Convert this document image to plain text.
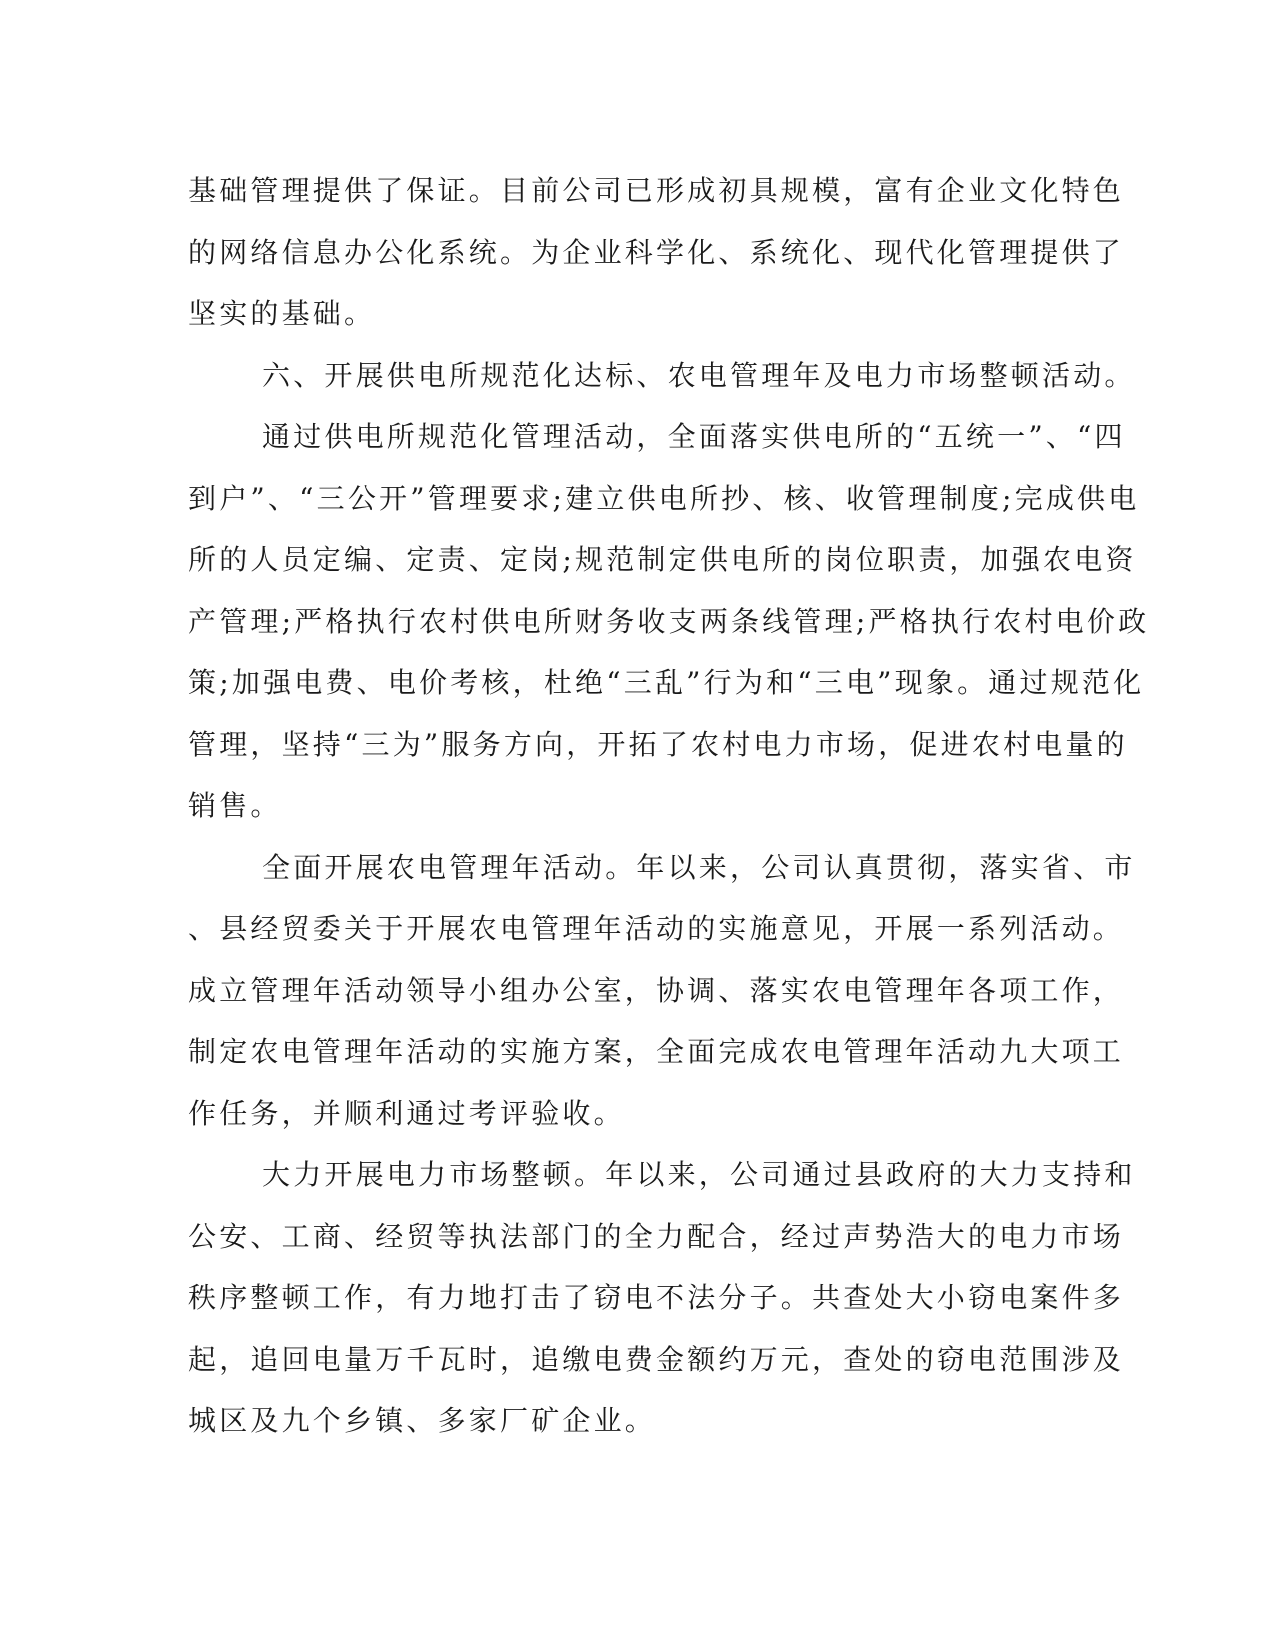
基础管理提供了保证。目前公司已形成初具规模，富有企业文化特色
的网络信息办公化系统。为企业科学化、系统化、现代化管理提供了
坚实的基础。
六、开展供电所规范化达标、农电管理年及电力市场整顿活动。
通过供电所规范化管理活动，全面落实供电所的“五统一”、“四
到户”、“三公开”管理要求;建立供电所抄、核、收管理制度;完成供电
所的人员定编、定责、定岗;规范制定供电所的岗位职责，加强农电资
产管理;严格执行农村供电所财务收支两条线管理;严格执行农村电价政
策;加强电费、电价考核，杜绝“三乱”行为和“三电”现象。通过规范化
管理，坚持“三为”服务方向，开拓了农村电力市场，促进农村电量的
销售。
全面开展农电管理年活动。年以来，公司认真贯彻，落实省、市
、县经贸委关于开展农电管理年活动的实施意见，开展一系列活动。
成立管理年活动领导小组办公室，协调、落实农电管理年各项工作，
制定农电管理年活动的实施方案，全面完成农电管理年活动九大项工
作任务，并顺利通过考评验收。
大力开展电力市场整顿。年以来，公司通过县政府的大力支持和
公安、工商、经贸等执法部门的全力配合，经过声势浩大的电力市场
秩序整顿工作，有力地打击了窃电不法分子。共查处大小窃电案件多
起，追回电量万千瓦时，追缴电费金额约万元，查处的窃电范围涉及
城区及九个乡镇、多家厂矿企业。
